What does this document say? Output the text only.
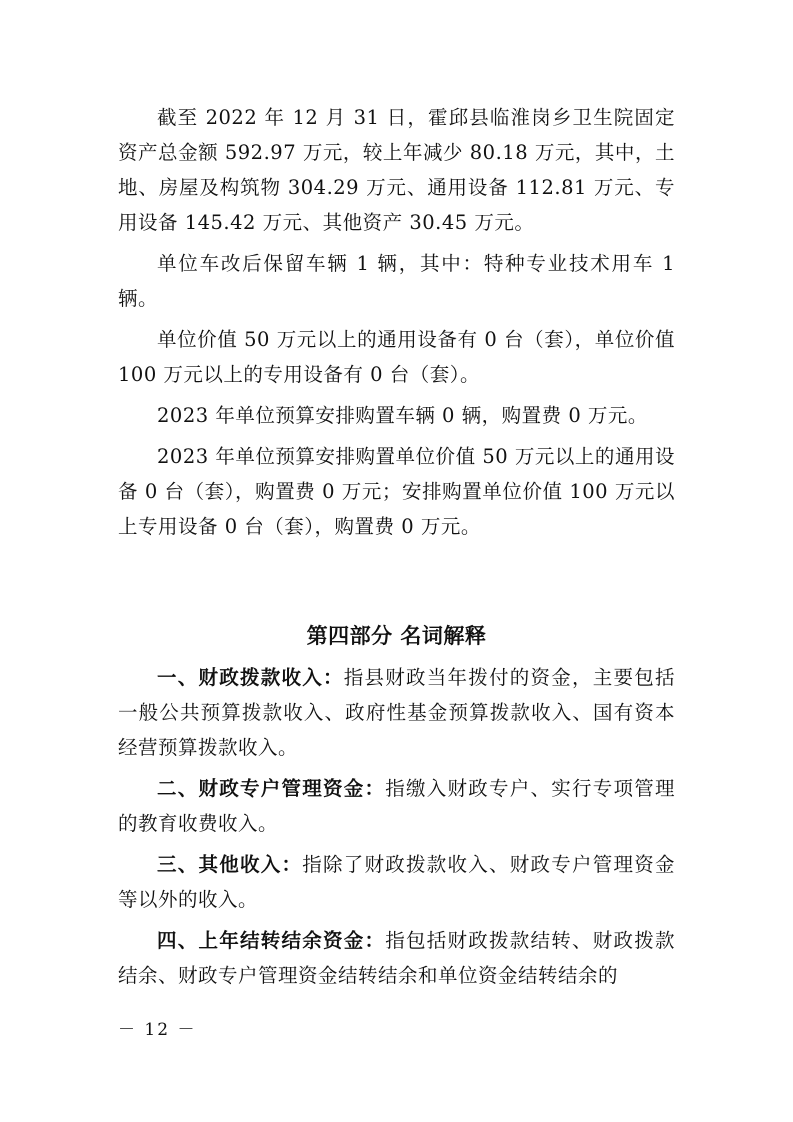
截至 2022 年 12 月 31 日，霍邱县临淮岗乡卫生院固定资产总金额 592.97 万元，较上年减少 80.18 万元，其中，土地、房屋及构筑物 304.29 万元、通用设备 112.81 万元、专用设备 145.42 万元、其他资产 30.45 万元。

单位车改后保留车辆 1 辆，其中：特种专业技术用车 1 辆。

单位价值 50 万元以上的通用设备有 0 台（套），单位价值 100 万元以上的专用设备有 0 台（套）。

2023 年单位预算安排购置车辆 0 辆，购置费 0 万元。

2023 年单位预算安排购置单位价值 50 万元以上的通用设备 0 台（套），购置费 0 万元；安排购置单位价值 100 万元以上专用设备 0 台（套），购置费 0 万元。

第四部分 名词解释

一、财政拨款收入：指县财政当年拨付的资金，主要包括一般公共预算拨款收入、政府性基金预算拨款收入、国有资本经营预算拨款收入。

二、财政专户管理资金：指缴入财政专户、实行专项管理的教育收费收入。

三、其他收入：指除了财政拨款收入、财政专户管理资金等以外的收入。

四、上年结转结余资金：指包括财政拨款结转、财政拨款结余、财政专户管理资金结转结余和单位资金结转结余的

－ 12 －
